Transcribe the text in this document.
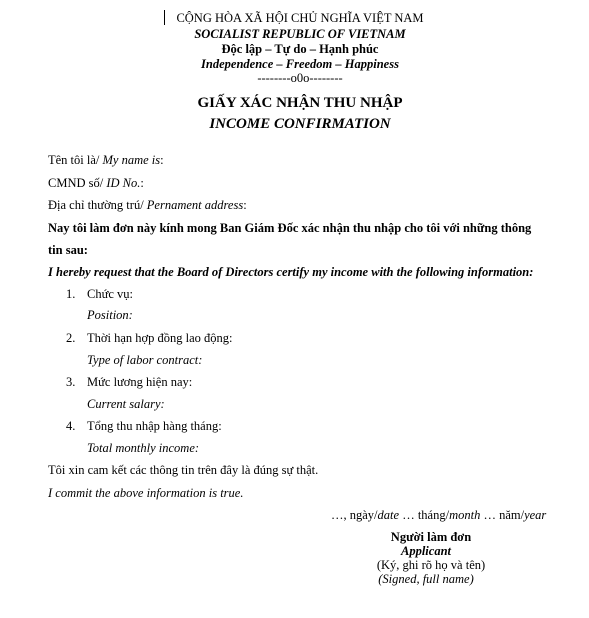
CỘNG HÒA XÃ HỘI CHỦ NGHĨA VIỆT NAM
SOCIALIST REPUBLIC OF VIETNAM
Độc lập – Tự do – Hạnh phúc
Independence – Freedom – Happiness
--------o0o--------
GIẤY XÁC NHẬN THU NHẬP
INCOME CONFIRMATION
Tên tôi là/ My name is:
CMND số/ ID No.:
Địa chỉ thường trú/ Pernament address:
Nay tôi làm đơn này kính mong Ban Giám Đốc xác nhận thu nhập cho tôi với những thông
tin sau:
I hereby request that the Board of Directors certify my income with the following information:
1. Chức vụ:
Position:
2. Thời hạn hợp đồng lao động:
Type of labor contract:
3. Mức lương hiện nay:
Current salary:
4. Tổng thu nhập hàng tháng:
Total monthly income:
Tôi xin cam kết các thông tin trên đây là đúng sự thật.
I commit the above information is true.
…, ngày/date … tháng/month … năm/year
Người làm đơn
Applicant
(Ký, ghi rõ họ và tên)
(Signed, full name)
